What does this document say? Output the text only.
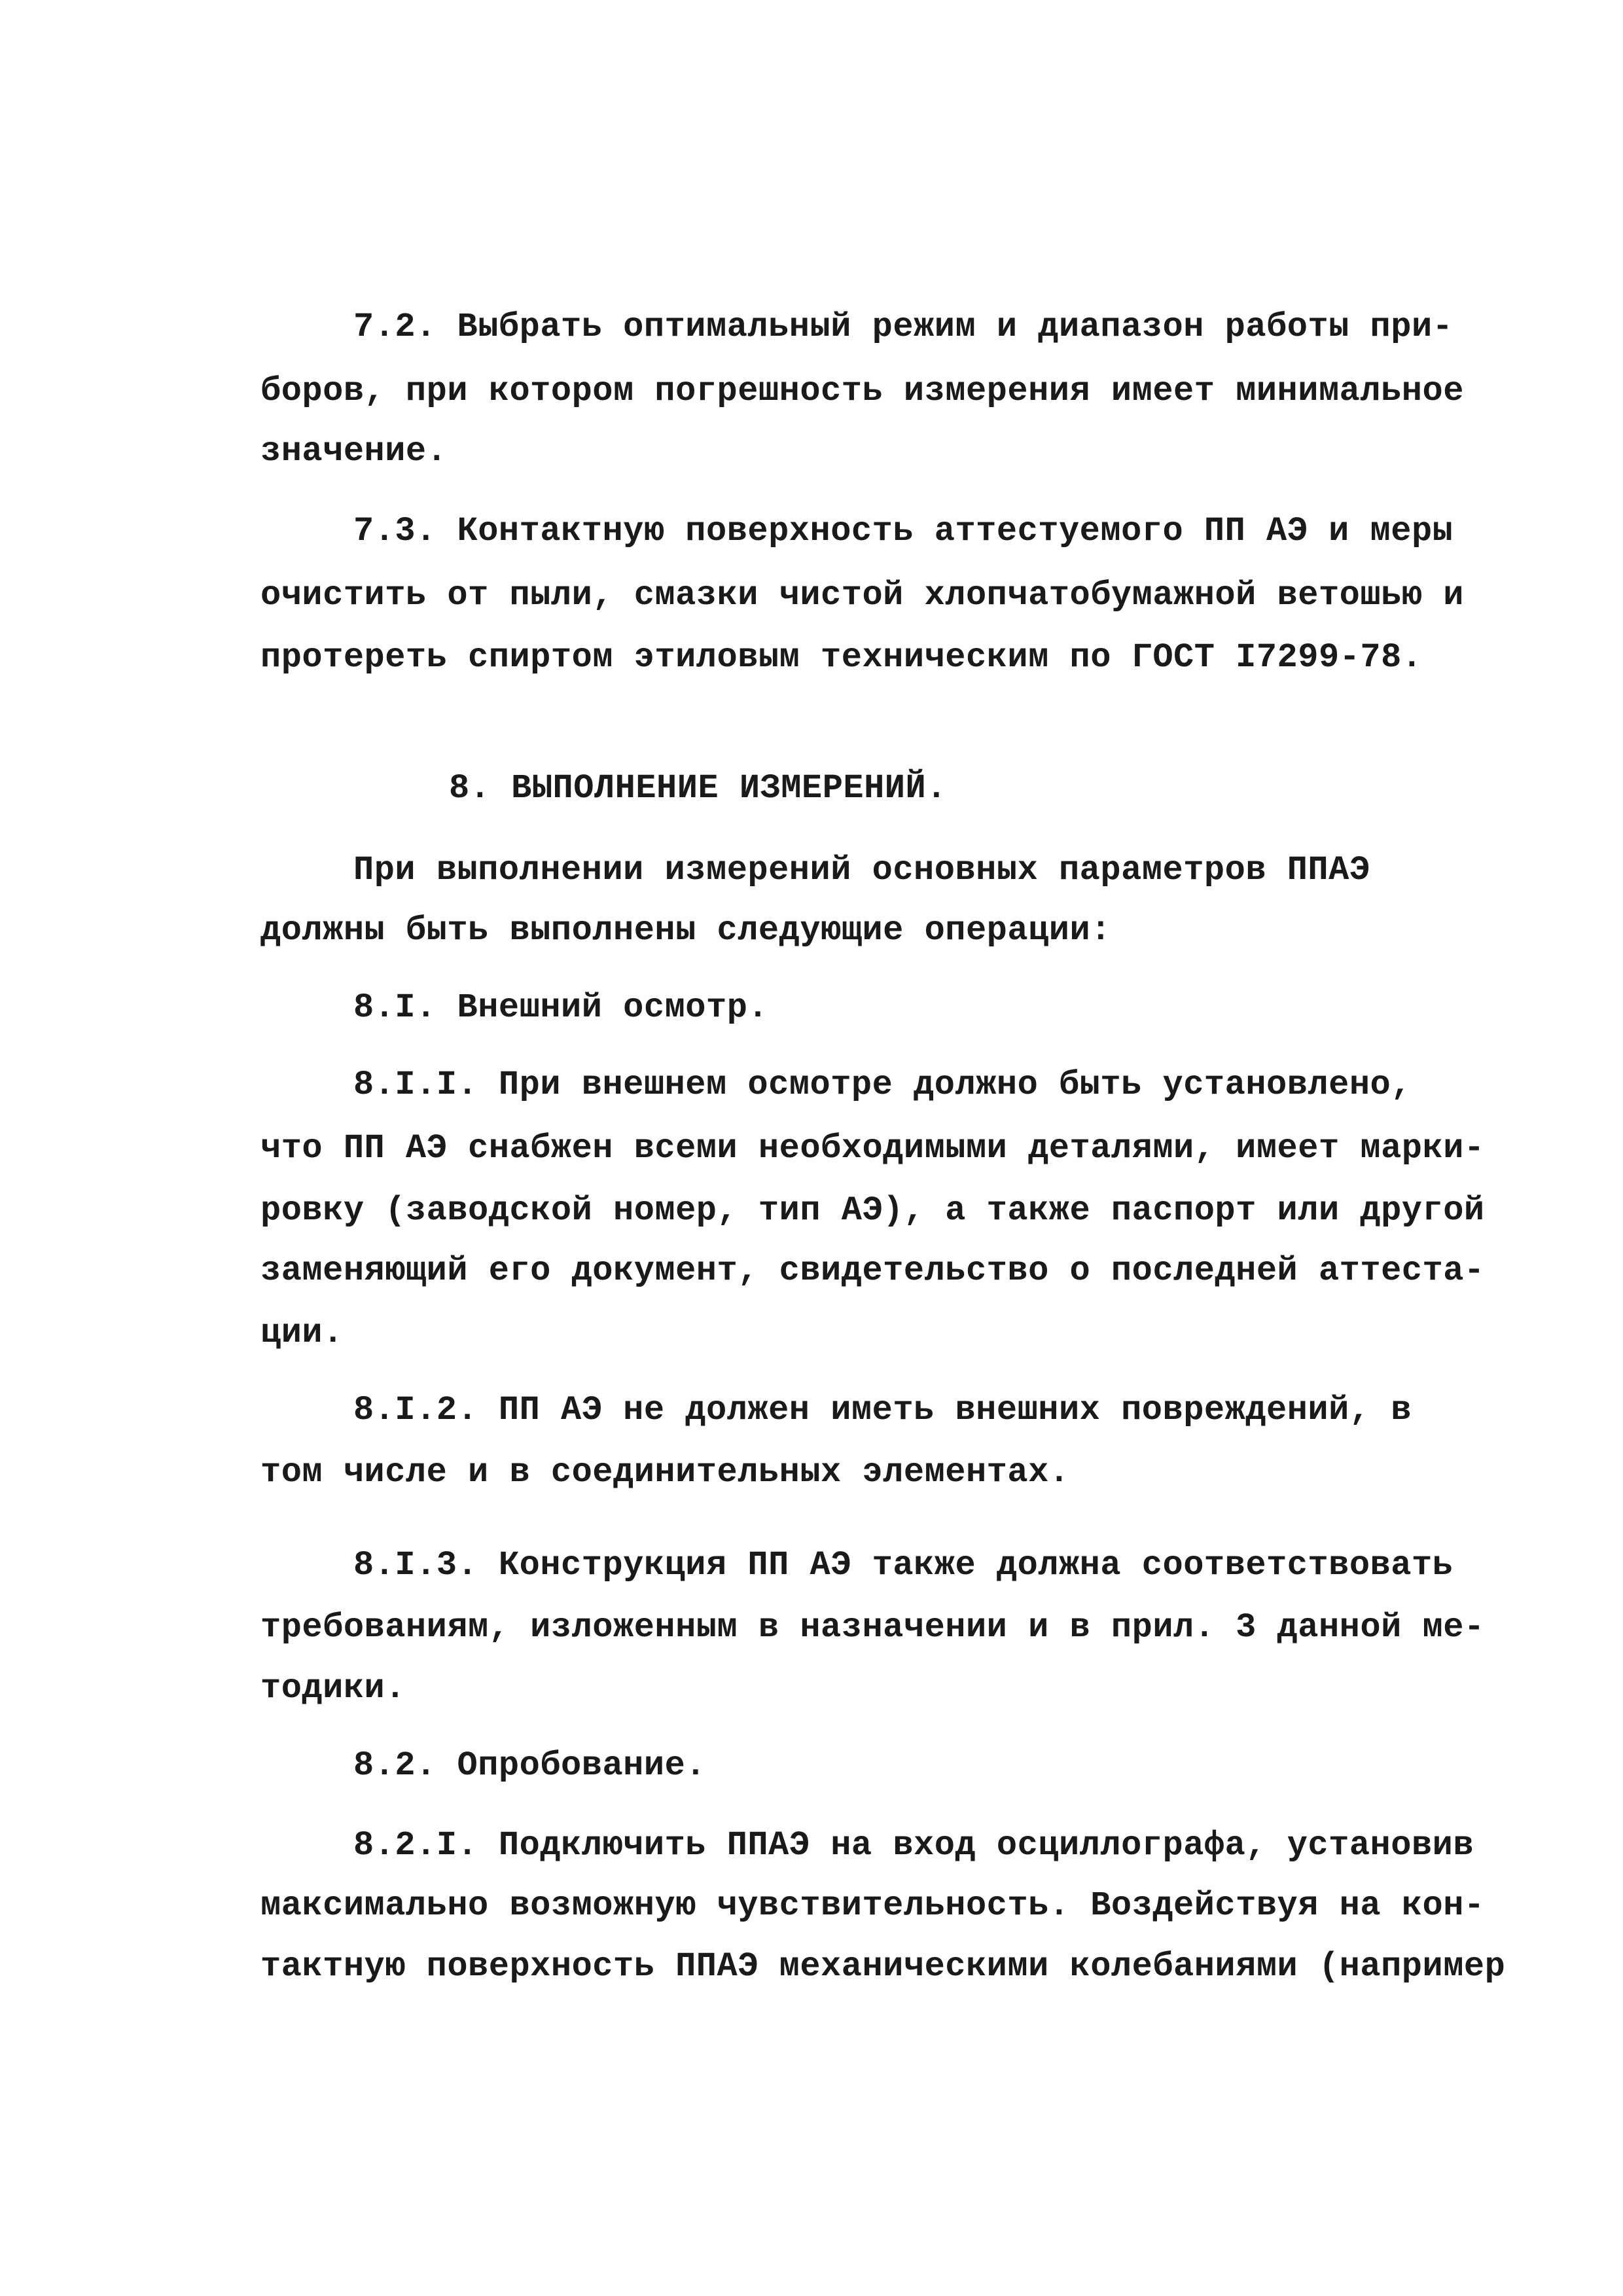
7.2. Выбрать оптимальный режим и диапазон работы при-
боров, при котором погрешность измерения имеет минимальное
значение.
7.3. Контактную поверхность аттестуемого ПП АЭ и меры
очистить от пыли, смазки чистой хлопчатобумажной ветошью и
протереть спиртом этиловым техническим по ГОСТ I7299-78.
8. ВЫПОЛНЕНИЕ ИЗМЕРЕНИЙ.
При выполнении измерений основных параметров ППАЭ
должны быть выполнены следующие операции:
8.I. Внешний осмотр.
8.I.I. При внешнем осмотре должно быть установлено,
что ПП АЭ снабжен всеми необходимыми деталями, имеет марки-
ровку (заводской номер, тип АЭ), а также паспорт или другой
заменяющий его документ, свидетельство о последней аттеста-
ции.
8.I.2. ПП АЭ не должен иметь внешних повреждений, в
том числе и в соединительных элементах.
8.I.3. Конструкция ПП АЭ также должна соответствовать
требованиям, изложенным в назначении и в прил. 3 данной ме-
тодики.
8.2. Опробование.
8.2.I. Подключить ППАЭ на вход осциллографа, установив
максимально возможную чувствительность. Воздействуя на кон-
тактную поверхность ППАЭ механическими колебаниями (например
